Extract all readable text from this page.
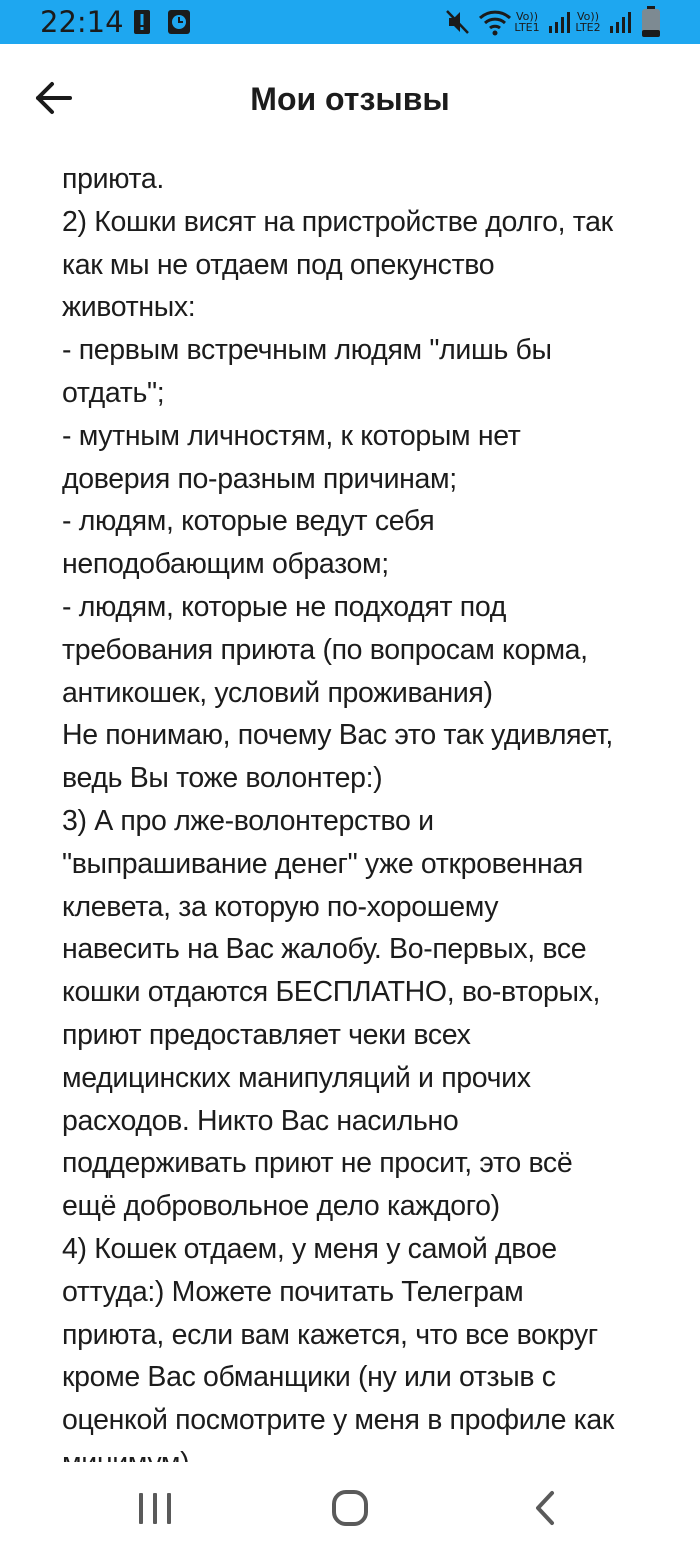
22:14	Vo)) LTE1
Vo)) LTE2
Мои отзывы
приюта.
2) Кошки висят на пристройстве долго, так
как мы не отдаем под опекунство
животных:
- первым встречным людям "лишь бы
отдать";
- мутным личностям, к которым нет
доверия по-разным причинам;
- людям, которые ведут себя
неподобающим образом;
- людям, которые не подходят под
требования приюта (по вопросам корма,
антикошек, условий проживания)
Не понимаю, почему Вас это так удивляет,
ведь Вы тоже волонтер:)
3) А про лже-волонтерство и
"выпрашивание денег" уже откровенная
клевета, за которую по-хорошему
навесить на Вас жалобу. Во-первых, все
кошки отдаются БЕСПЛАТНО, во-вторых,
приют предоставляет чеки всех
медицинских манипуляций и прочих
расходов. Никто Вас насильно
поддерживать приют не просит, это всё
ещё добровольное дело каждого)
4) Кошек отдаем, у меня у самой двое
оттуда:) Можете почитать Телеграм
приюта, если вам кажется, что все вокруг
кроме Вас обманщики (ну или отзыв с
оценкой посмотрите у меня в профиле как
